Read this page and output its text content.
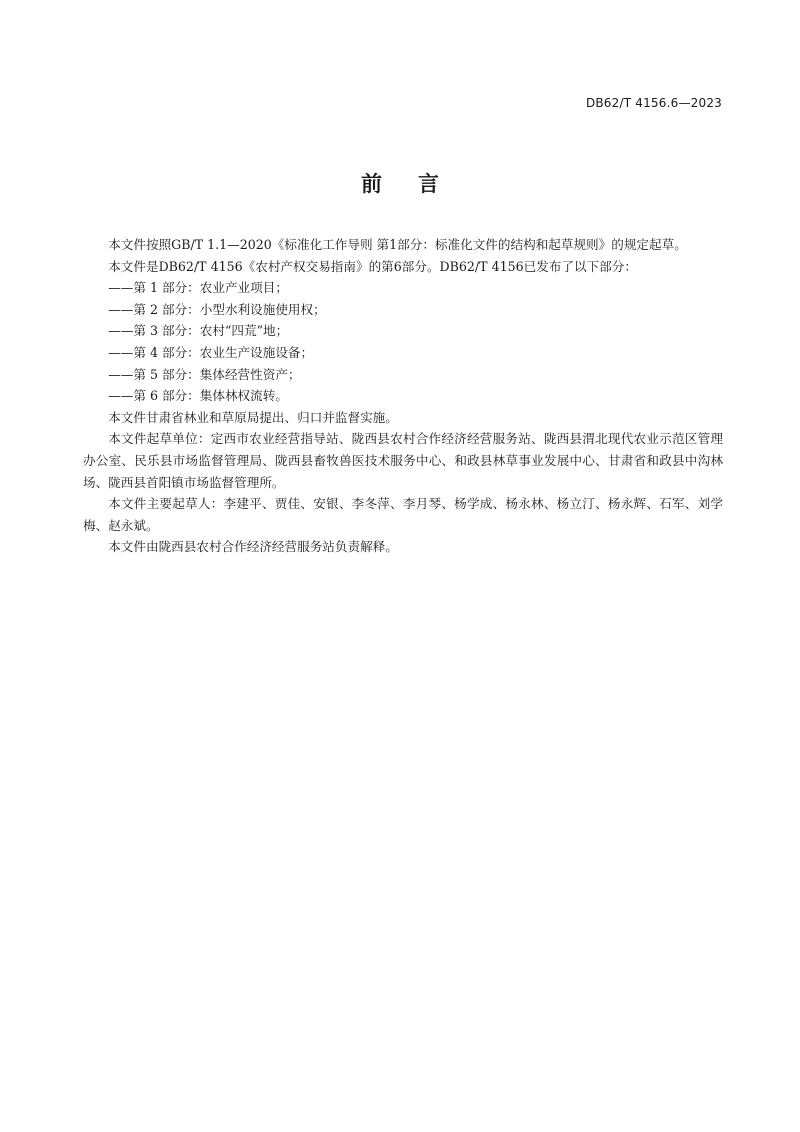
DB62/T 4156.6—2023
前言

本文件按照GB/T 1.1—2020《标准化工作导则 第1部分：标准化文件的结构和起草规则》的规定起草。

本文件是DB62/T 4156《农村产权交易指南》的第6部分。DB62/T 4156已发布了以下部分：

——第 1 部分：农业产业项目；

——第 2 部分：小型水利设施使用权；

——第 3 部分：农村“四荒”地；

——第 4 部分：农业生产设施设备；

——第 5 部分：集体经营性资产；

——第 6 部分：集体林权流转。

本文件甘肃省林业和草原局提出、归口并监督实施。

本文件起草单位：定西市农业经营指导站、陇西县农村合作经济经营服务站、陇西县渭北现代农业示范区管理办公室、民乐县市场监督管理局、陇西县畜牧兽医技术服务中心、和政县林草事业发展中心、甘肃省和政县中沟林场、陇西县首阳镇市场监督管理所。

本文件主要起草人：李建平、贾佳、安银、李冬萍、李月琴、杨学成、杨永林、杨立汀、杨永辉、石军、刘学梅、赵永斌。

本文件由陇西县农村合作经济经营服务站负责解释。
